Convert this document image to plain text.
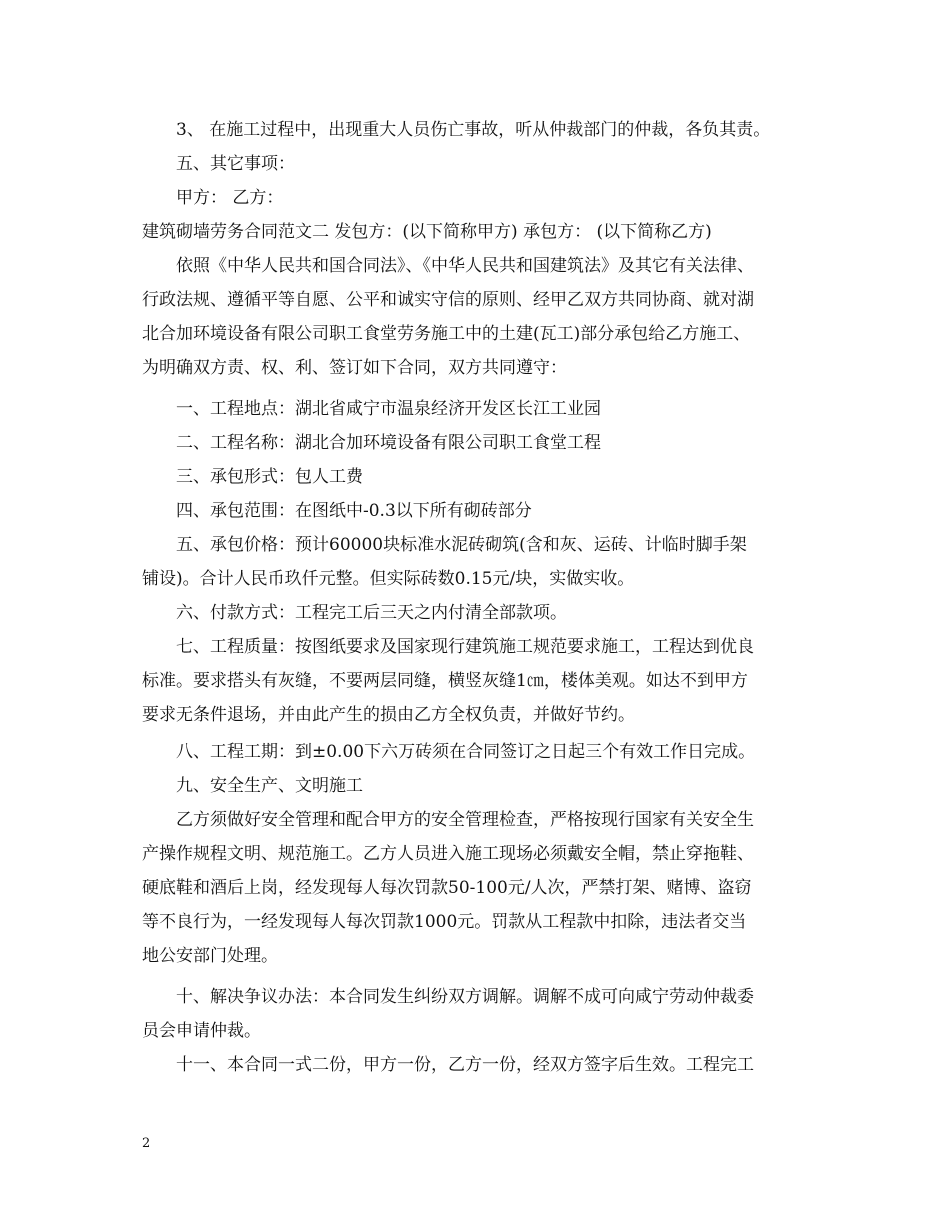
3、 在施工过程中，出现重大人员伤亡事故，听从仲裁部门的仲裁，各负其责。
五、其它事项：
甲方： 乙方：
建筑砌墙劳务合同范文二 发包方：(以下简称甲方) 承包方： (以下简称乙方)
依照《中华人民共和国合同法》、《中华人民共和国建筑法》及其它有关法律、
行政法规、遵循平等自愿、公平和诚实守信的原则、经甲乙双方共同协商、就对湖
北合加环境设备有限公司职工食堂劳务施工中的土建(瓦工)部分承包给乙方施工、
为明确双方责、权、利、签订如下合同，双方共同遵守：
一、工程地点：湖北省咸宁市温泉经济开发区长江工业园
二、工程名称：湖北合加环境设备有限公司职工食堂工程
三、承包形式：包人工费
四、承包范围：在图纸中-0.3以下所有砌砖部分
五、承包价格：预计60000块标准水泥砖砌筑(含和灰、运砖、计临时脚手架
铺设)。合计人民币玖仟元整。但实际砖数0.15元/块，实做实收。
六、付款方式：工程完工后三天之内付清全部款项。
七、工程质量：按图纸要求及国家现行建筑施工规范要求施工，工程达到优良
标准。要求搭头有灰缝，不要两层同缝，横竖灰缝1㎝，楼体美观。如达不到甲方
要求无条件退场，并由此产生的损由乙方全权负责，并做好节约。
八、工程工期：到±0.00下六万砖须在合同签订之日起三个有效工作日完成。
九、安全生产、文明施工
乙方须做好安全管理和配合甲方的安全管理检查，严格按现行国家有关安全生
产操作规程文明、规范施工。乙方人员进入施工现场必须戴安全帽，禁止穿拖鞋、
硬底鞋和酒后上岗，经发现每人每次罚款50-100元/人次，严禁打架、赌博、盗窃
等不良行为，一经发现每人每次罚款1000元。罚款从工程款中扣除，违法者交当
地公安部门处理。
十、解决争议办法：本合同发生纠纷双方调解。调解不成可向咸宁劳动仲裁委
员会申请仲裁。
十一、本合同一式二份，甲方一份，乙方一份，经双方签字后生效。工程完工
2
